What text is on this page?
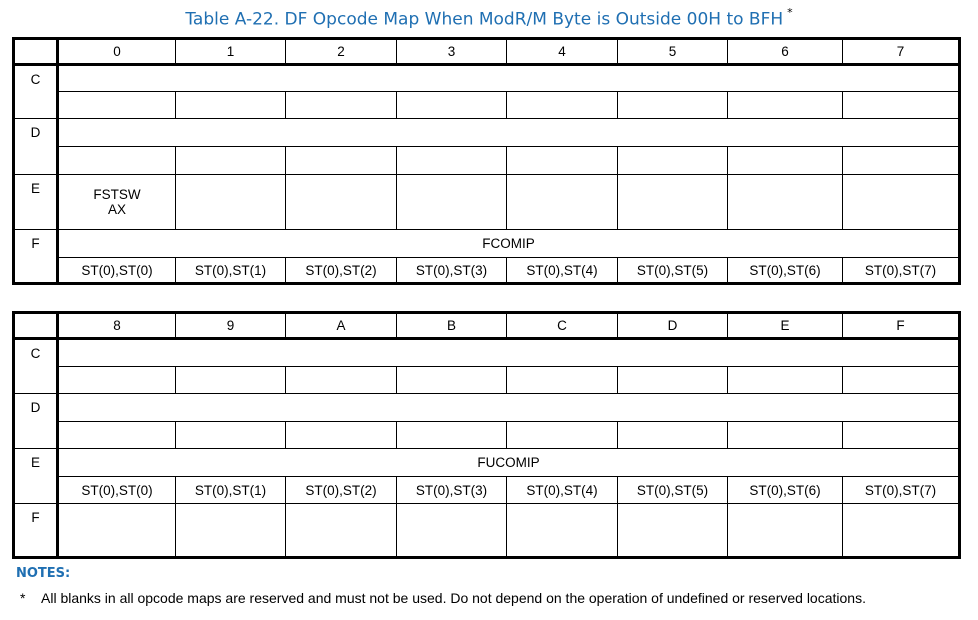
Table A-22. DF Opcode Map When ModR/M Byte is Outside 00H to BFH *
	0	1	2	3	4	5	6	7
C								

D								

E	FSTSW
AX							

F	FCOMIP							
	ST(0),ST(0)	ST(0),ST(1)	ST(0),ST(2)	ST(0),ST(3)	ST(0),ST(4)	ST(0),ST(5)	ST(0),ST(6)	ST(0),ST(7)
	8	9	A	B	C	D	E	F
C								

D								

E	FUCOMIP							
	ST(0),ST(0)	ST(0),ST(1)	ST(0),ST(2)	ST(0),ST(3)	ST(0),ST(4)	ST(0),ST(5)	ST(0),ST(6)	ST(0),ST(7)
F								
NOTES:
* All blanks in all opcode maps are reserved and must not be used. Do not depend on the operation of undefined or reserved locations.
